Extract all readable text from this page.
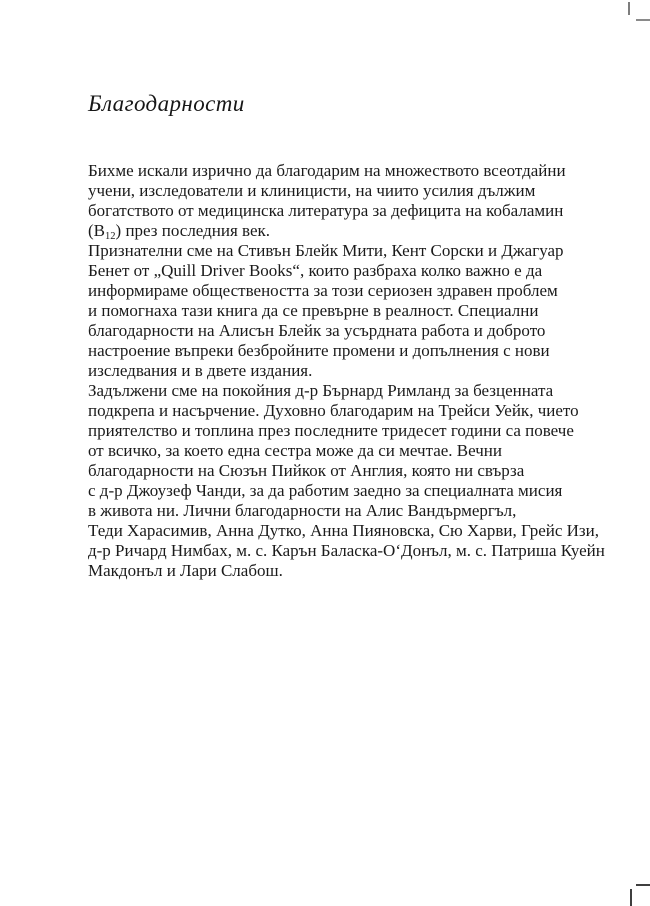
Благодарности
Бихме искали изрично да благодарим на множеството всеотдайни
учени, изследователи и клиницисти, на чиито усилия дължим
богатството от медицинска литература за дефицита на кобаламин
(B12) през последния век.
Признателни сме на Стивън Блейк Мити, Кент Сорски и Джагуар
Бенет от „Quill Driver Books“, които разбраха колко важно е да
информираме обществеността за този сериозен здравен проблем
и помогнаха тази книга да се превърне в реалност. Специални
благодарности на Алисън Блейк за усърдната работа и доброто
настроение въпреки безбройните промени и допълнения с нови
изследвания и в двете издания.
Задължени сме на покойния д-р Бърнард Римланд за безценната
подкрепа и насърчение. Духовно благодарим на Трейси Уейк, чието
приятелство и топлина през последните тридесет години са повече
от всичко, за което една сестра може да си мечтае. Вечни
благодарности на Сюзън Пийкок от Англия, която ни свърза
с д-р Джоузеф Чанди, за да работим заедно за специалната мисия
в живота ни. Лични благодарности на Алис Вандърмергъл,
Теди Харасимив, Анна Дутко, Анна Пияновска, Сю Харви, Грейс Изи,
д-р Ричард Нимбах, м. с. Карън Баласка-О‘Донъл, м. с. Патриша Куейн
Макдонъл и Лари Слабош.
